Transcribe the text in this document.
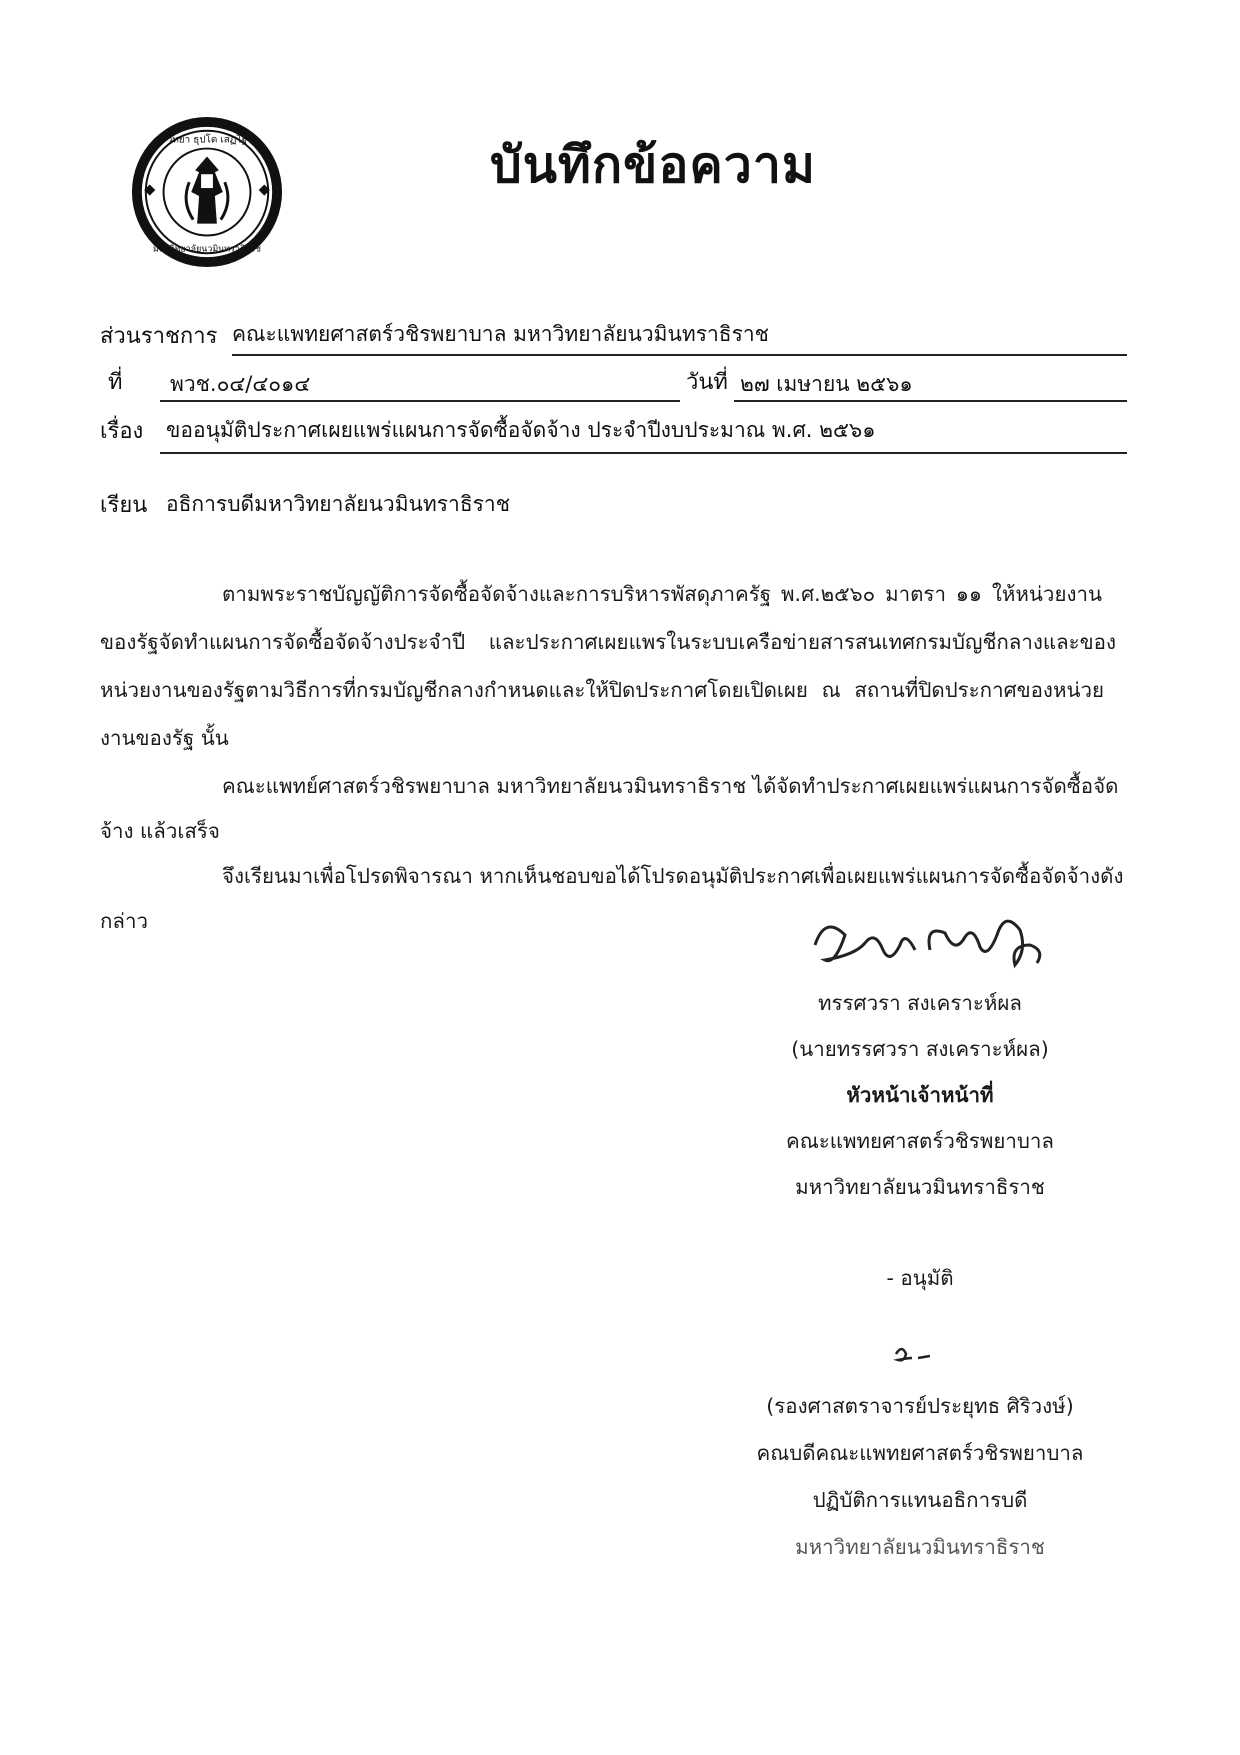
วิทยา ธุปโต เสฏโฐ
มหาวิทยาลัยนวมินทราธิราช
บันทึกข้อความ
ส่วนราชการ คณะแพทยศาสตร์วชิรพยาบาล มหาวิทยาลัยนวมินทราธิราช
ที่ พวช.๐๔/๔๐๑๔	วันที่ ๒๗ เมษายน ๒๕๖๑
เรื่อง ขออนุมัติประกาศเผยแพร่แผนการจัดซื้อจัดจ้าง ประจำปีงบประมาณ พ.ศ. ๒๕๖๑
เรียน อธิการบดีมหาวิทยาลัยนวมินทราธิราช
ตามพระราชบัญญัติการจัดซื้อจัดจ้างและการบริหารพัสดุภาครัฐ พ.ศ.๒๕๖๐ มาตรา ๑๑ ให้หน่วยงาน
ของรัฐจัดทำแผนการจัดซื้อจัดจ้างประจำปี และประกาศเผยแพรในระบบเครือข่ายสารสนเทศกรมบัญชีกลางและของ
หน่วยงานของรัฐตามวิธีการที่กรมบัญชีกลางกำหนดและให้ปิดประกาศโดยเปิดเผย ณ สถานที่ปิดประกาศของหน่วย
งานของรัฐ นั้น
คณะแพทย์ศาสตร์วชิรพยาบาล มหาวิทยาลัยนวมินทราธิราช ได้จัดทำประกาศเผยแพร่แผนการจัดซื้อจัด
จ้าง แล้วเสร็จ
จึงเรียนมาเพื่อโปรดพิจารณา หากเห็นชอบขอได้โปรดอนุมัติประกาศเพื่อเผยแพร่แผนการจัดซื้อจัดจ้างดัง
กล่าว
ทรรศวรา สงเคราะห์ผล
(นายทรรศวรา สงเคราะห์ผล)
หัวหน้าเจ้าหน้าที่
คณะแพทยศาสตร์วชิรพยาบาล
มหาวิทยาลัยนวมินทราธิราช
- อนุมัติ
(รองศาสตราจารย์ประยุทธ ศิริวงษ์)
คณบดีคณะแพทยศาสตร์วชิรพยาบาล
ปฏิบัติการแทนอธิการบดี
มหาวิทยาลัยนวมินทราธิราช
